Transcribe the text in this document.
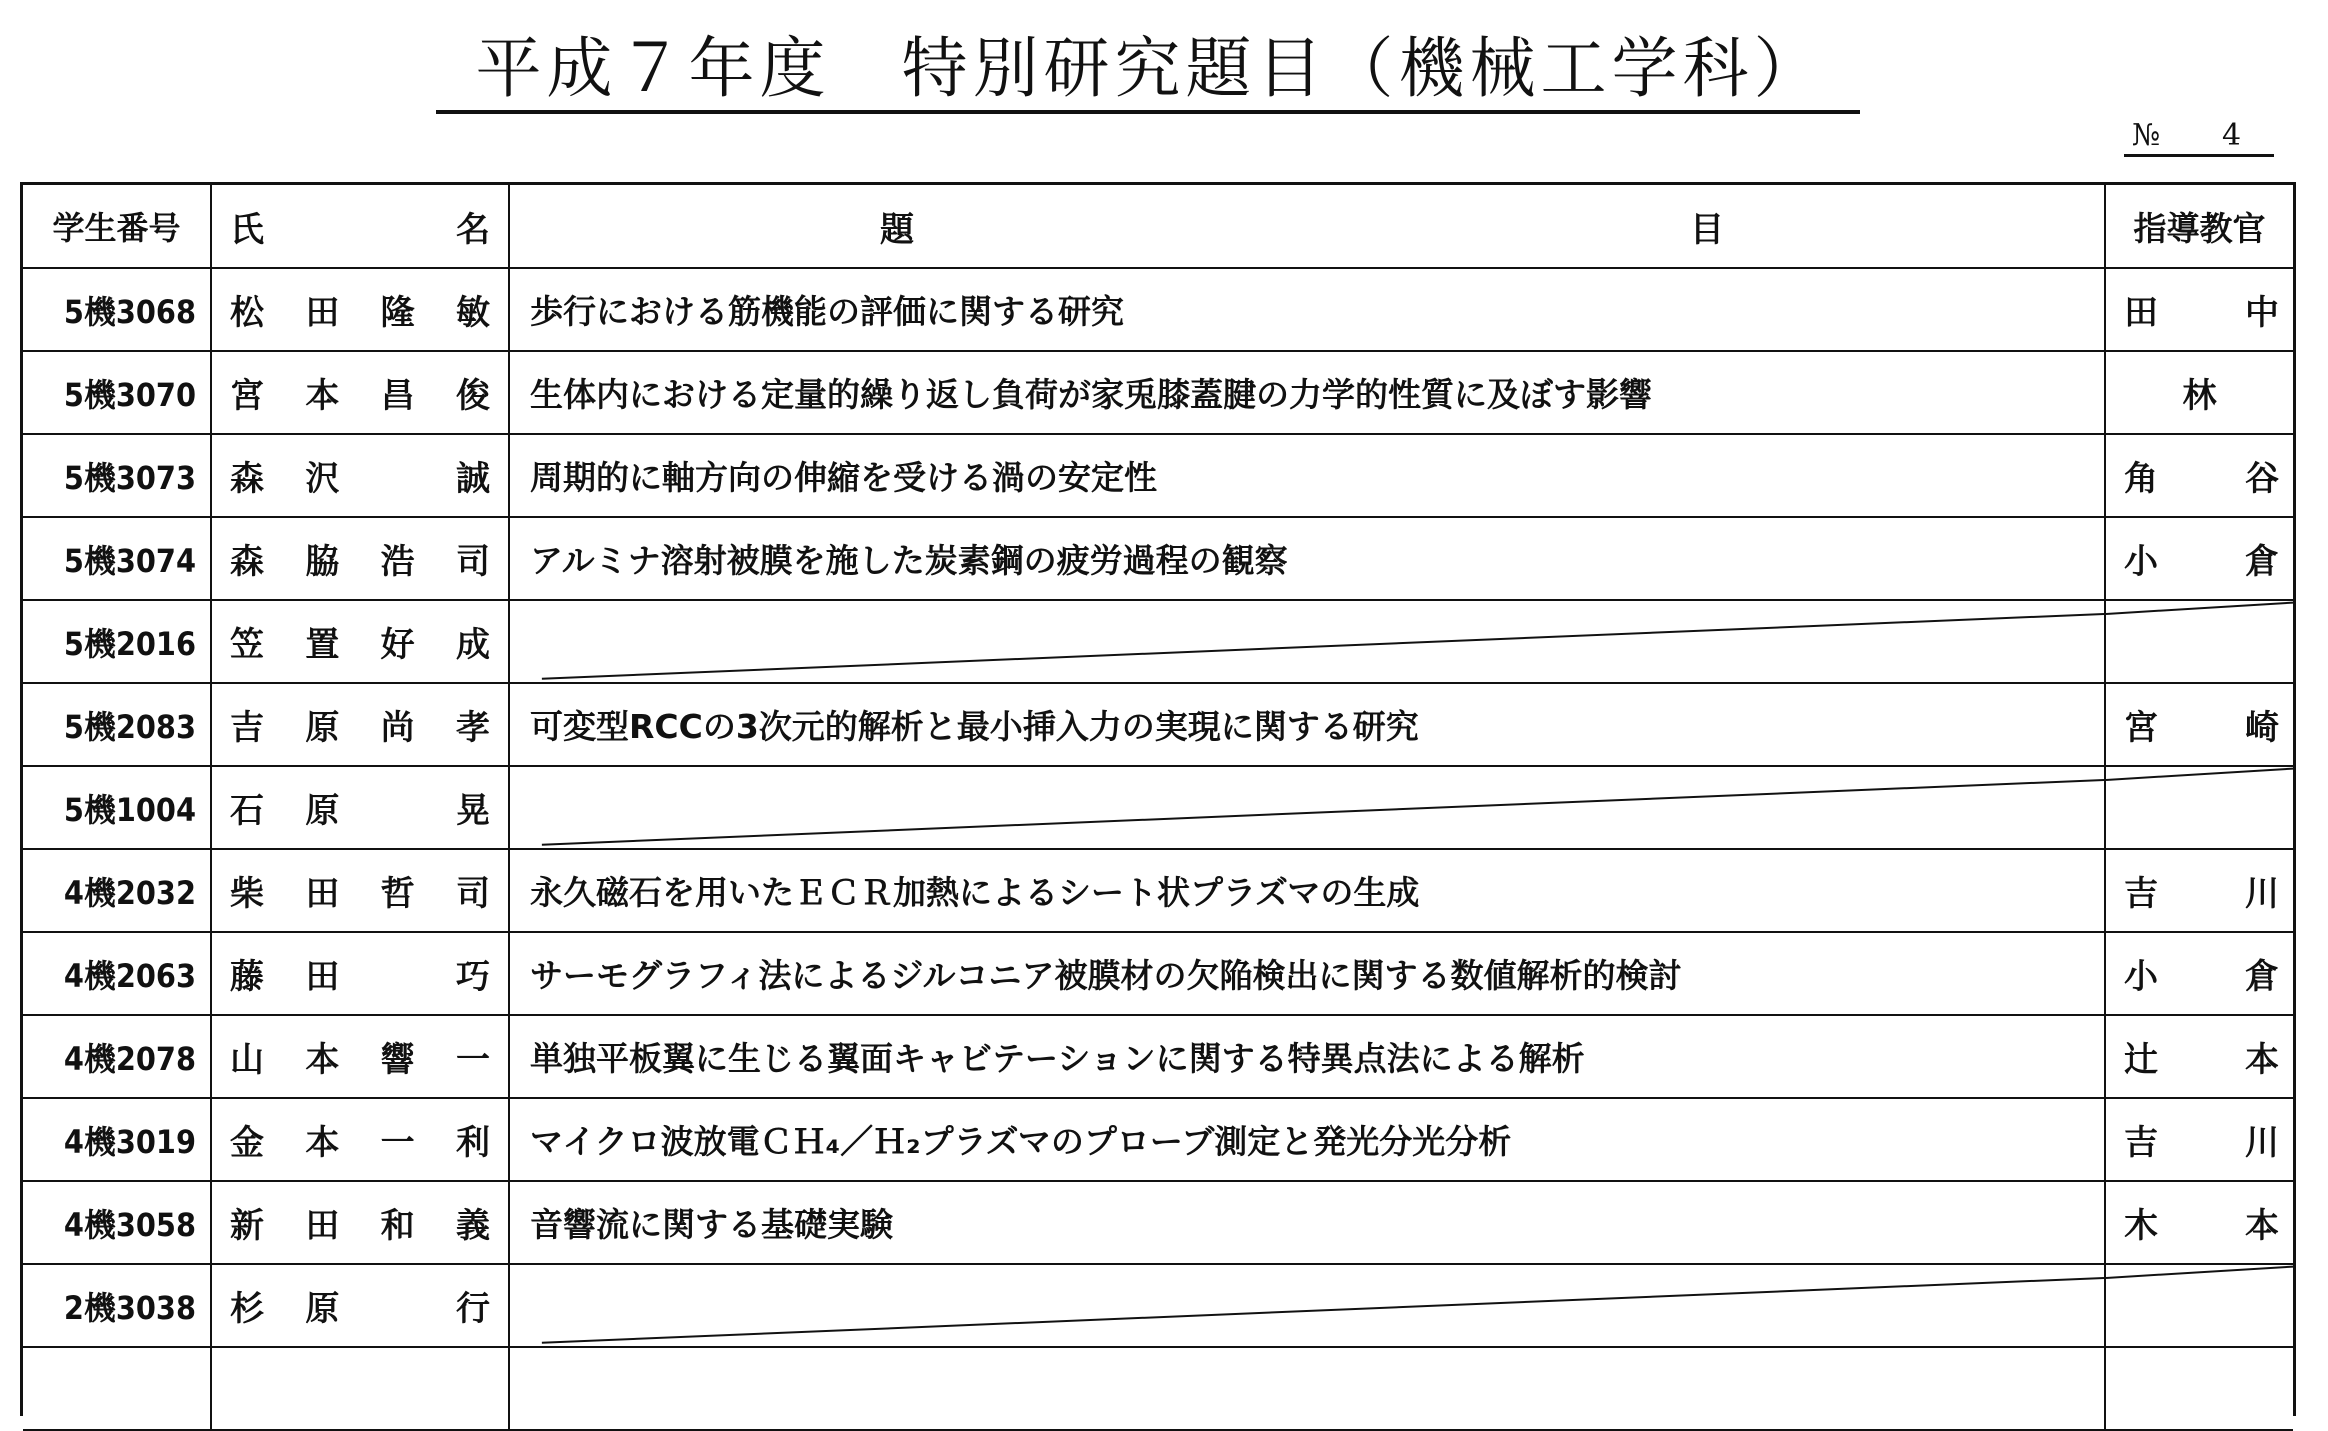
平成７年度　特別研究題目（機械工学科）
№ 4
学生番号	氏 名	題 目	指導教官
5機3068	松 田 隆 敏	歩行における筋機能の評価に関する研究	田 中

5機3070	宮 本 昌 俊	生体内における定量的繰り返し負荷が家兎膝蓋腱の力学的性質に及ぼす影響	林

5機3073	森 沢 誠	周期的に軸方向の伸縮を受ける渦の安定性	角 谷

5機3074	森 脇 浩 司	アルミナ溶射被膜を施した炭素鋼の疲労過程の観察	小 倉

5機2016	笠 置 好 成

5機2083	吉 原 尚 孝	可変型RCCの3次元的解析と最小挿入力の実現に関する研究	宮 崎

5機1004	石 原 晃

4機2032	柴 田 哲 司	永久磁石を用いたＥＣＲ加熱によるシート状プラズマの生成	吉 川

4機2063	藤 田 巧	サーモグラフィ法によるジルコニア被膜材の欠陥検出に関する数値解析的検討	小 倉

4機2078	山 本 響 一	単独平板翼に生じる翼面キャビテーションに関する特異点法による解析	辻 本

4機3019	金 本 一 利	マイクロ波放電ＣＨ₄／Ｈ₂プラズマのプローブ測定と発光分光分析	吉 川

4機3058	新 田 和 義	音響流に関する基礎実験	木 本

2機3038	杉 原 行
